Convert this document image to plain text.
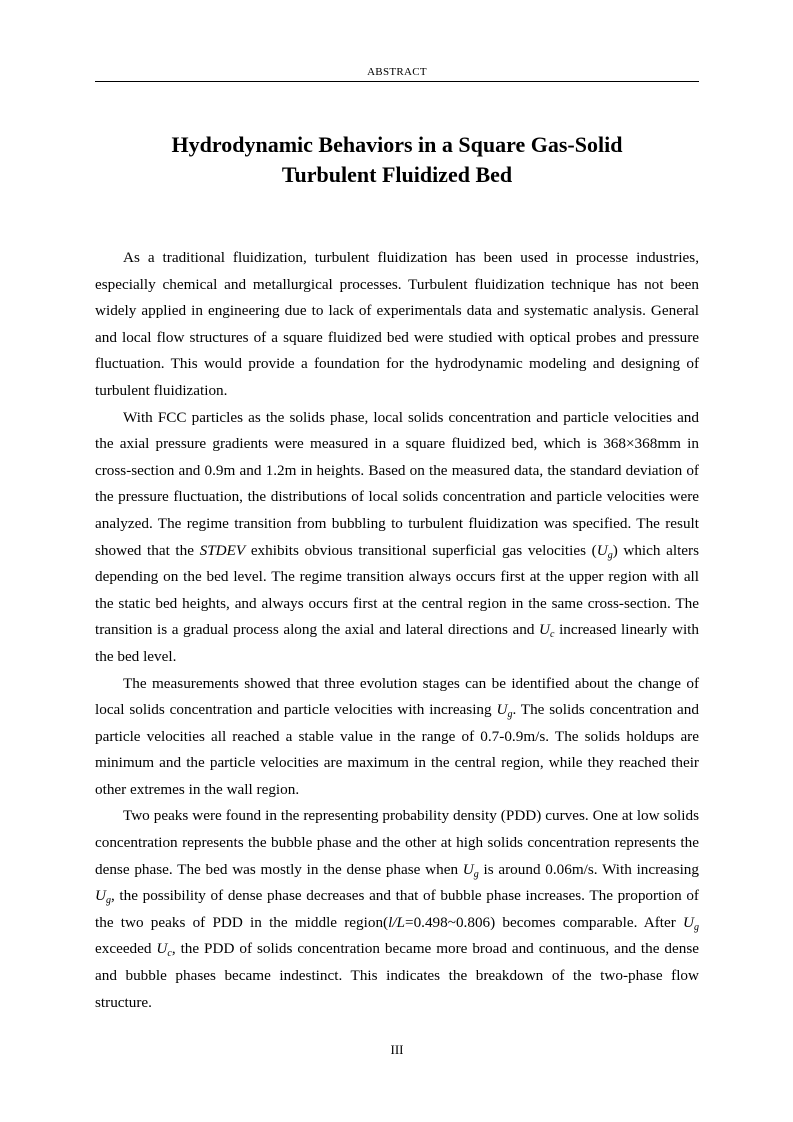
ABSTRACT
Hydrodynamic Behaviors in a Square Gas-Solid
Turbulent Fluidized Bed

As a traditional fluidization, turbulent fluidization has been used in processe industries, especially chemical and metallurgical processes. Turbulent fluidization technique has not been widely applied in engineering due to lack of experimentals data and systematic analysis. General and local flow structures of a square fluidized bed were studied with optical probes and pressure fluctuation. This would provide a foundation for the hydrodynamic modeling and designing of turbulent fluidization.

With FCC particles as the solids phase, local solids concentration and particle velocities and the axial pressure gradients were measured in a square fluidized bed, which is 368×368mm in cross-section and 0.9m and 1.2m in heights. Based on the measured data, the standard deviation of the pressure fluctuation, the distributions of local solids concentration and particle velocities were analyzed. The regime transition from bubbling to turbulent fluidization was specified. The result showed that the STDEV exhibits obvious transitional superficial gas velocities $(U_g)$ which alters depending on the bed level. The regime transition always occurs first at the upper region with all the static bed heights, and always occurs first at the central region in the same cross-section. The transition is a gradual process along the axial and lateral directions and $U_c$ increased linearly with the bed level.

The measurements showed that three evolution stages can be identified about the change of local solids concentration and particle velocities with increasing $U_g$. The solids concentration and particle velocities all reached a stable value in the range of 0.7-0.9m/s. The solids holdups are minimum and the particle velocities are maximum in the central region, while they reached their other extremes in the wall region.

Two peaks were found in the representing probability density (PDD) curves. One at low solids concentration represents the bubble phase and the other at high solids concentration represents the dense phase. The bed was mostly in the dense phase when $U_g$ is around 0.06m/s. With increasing $U_g$, the possibility of dense phase decreases and that of bubble phase increases. The proportion of the two peaks of PDD in the middle region(l/L=0.498~0.806) becomes comparable. After $U_g$ exceeded $U_c$, the PDD of solids concentration became more broad and continuous, and the dense and bubble phases became indestinct. This indicates the breakdown of the two-phase flow structure.

III
